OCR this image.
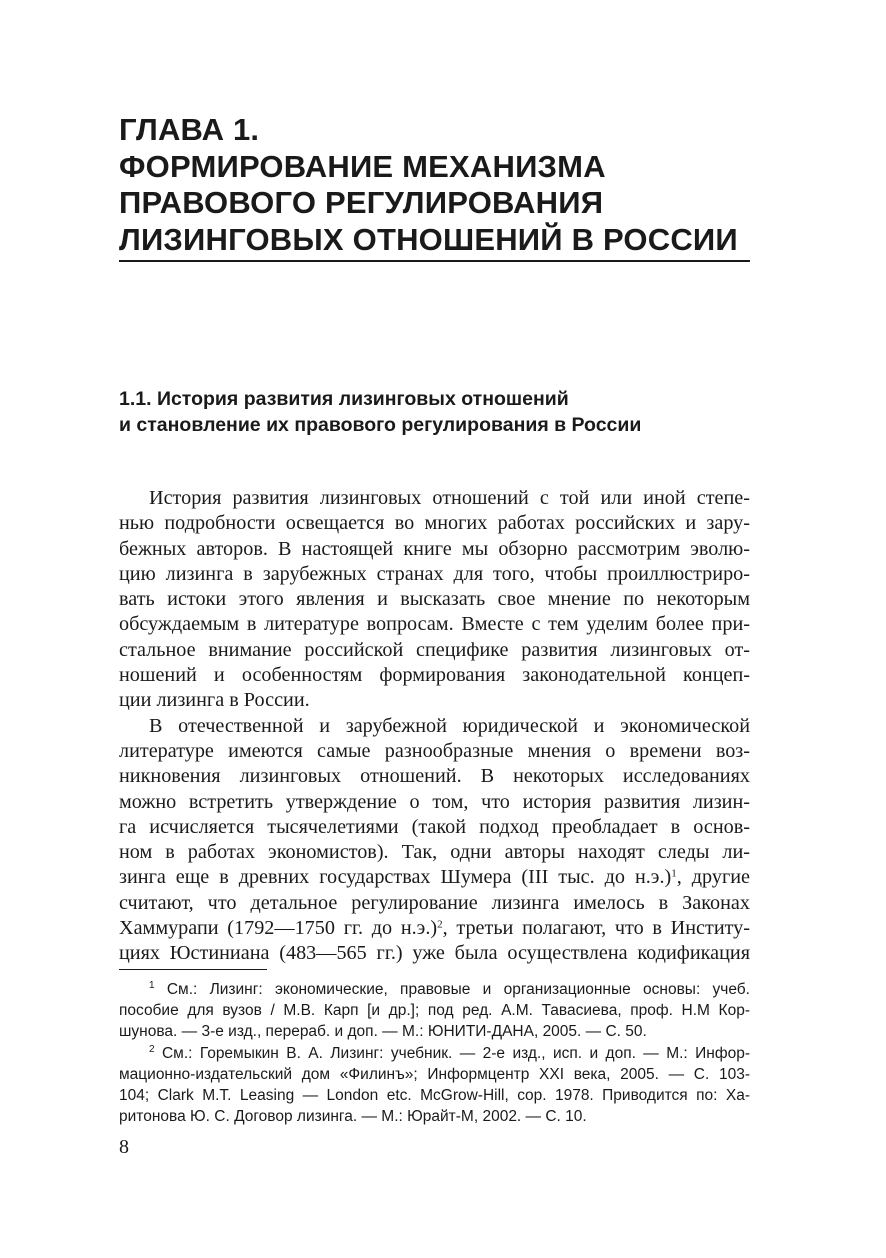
ГЛАВА 1.
ФОРМИРОВАНИЕ МЕХАНИЗМА
ПРАВОВОГО РЕГУЛИРОВАНИЯ
ЛИЗИНГОВЫХ ОТНОШЕНИЙ В РОССИИ
1.1. История развития лизинговых отношений
и становление их правового регулирования в России
История развития лизинговых отношений с той или иной степе-
нью подробности освещается во многих работах российских и зару-
бежных авторов. В настоящей книге мы обзорно рассмотрим эволю-
цию лизинга в зарубежных странах для того, чтобы проиллюстриро-
вать истоки этого явления и высказать свое мнение по некоторым
обсуждаемым в литературе вопросам. Вместе с тем уделим более при-
стальное внимание российской специфике развития лизинговых от-
ношений и особенностям формирования законодательной концеп-
ции лизинга в России.
В отечественной и зарубежной юридической и экономической
литературе имеются самые разнообразные мнения о времени воз-
никновения лизинговых отношений. В некоторых исследованиях
можно встретить утверждение о том, что история развития лизин-
га исчисляется тысячелетиями (такой подход преобладает в основ-
ном в работах экономистов). Так, одни авторы находят следы ли-
зинга еще в древних государствах Шумера (III тыс. до н.э.)$^1$, другие
считают, что детальное регулирование лизинга имелось в Законах
Хаммурапи (1792—1750 гг. до н.э.)$^2$, третьи полагают, что в Институ-
циях Юстиниана (483—565 гг.) уже была осуществлена кодификация
$^1$ См.: Лизинг: экономические, правовые и организационные основы: учеб.
пособие для вузов / М.В. Карп [и др.]; под ред. А.М. Тавасиева, проф. Н.М Кор-
шунова. — 3-е изд., перераб. и доп. — М.: ЮНИТИ-ДАНА, 2005. — С. 50.
$^2$ См.: Горемыкин В. А. Лизинг: учебник. — 2-е изд., исп. и доп. — М.: Инфор-
мационно-издательский дом «Филинъ»; Информцентр XXI века, 2005. — С. 103-
104; Clark M.T. Leasing — London etc. McGrow-Hill, cop. 1978. Приводится по: Ха-
ритонова Ю. С. Договор лизинга. — М.: Юрайт-М, 2002. — С. 10.
8
